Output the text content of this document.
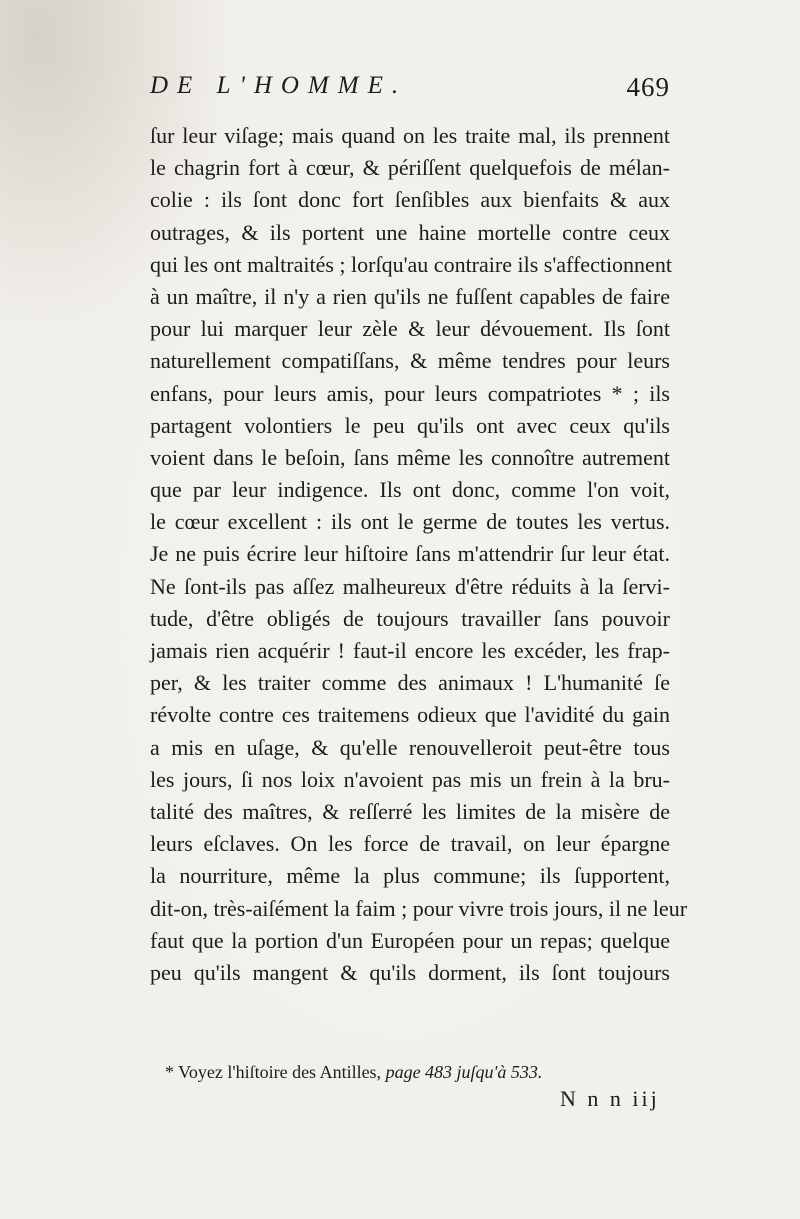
DE L'HOMME.	469
ſur leur viſage; mais quand on les traite mal, ils prennent
le chagrin fort à cœur, & périſſent quelquefois de mélan-
colie : ils ſont donc fort ſenſibles aux bienfaits & aux
outrages, & ils portent une haine mortelle contre ceux
qui les ont maltraités ; lorſqu'au contraire ils s'affectionnent
à un maître, il n'y a rien qu'ils ne fuſſent capables de faire
pour lui marquer leur zèle & leur dévouement. Ils ſont
naturellement compatiſſans, & même tendres pour leurs
enfans, pour leurs amis, pour leurs compatriotes * ; ils
partagent volontiers le peu qu'ils ont avec ceux qu'ils
voient dans le beſoin, ſans même les connoître autrement
que par leur indigence. Ils ont donc, comme l'on voit,
le cœur excellent : ils ont le germe de toutes les vertus.
Je ne puis écrire leur hiſtoire ſans m'attendrir ſur leur état.
Ne ſont-ils pas aſſez malheureux d'être réduits à la ſervi-
tude, d'être obligés de toujours travailler ſans pouvoir
jamais rien acquérir ! faut-il encore les excéder, les frap-
per, & les traiter comme des animaux ! L'humanité ſe
révolte contre ces traitemens odieux que l'avidité du gain
a mis en uſage, & qu'elle renouvelleroit peut-être tous
les jours, ſi nos loix n'avoient pas mis un frein à la bru-
talité des maîtres, & reſſerré les limites de la misère de
leurs eſclaves. On les force de travail, on leur épargne
la nourriture, même la plus commune; ils ſupportent,
dit-on, très-aiſément la faim ; pour vivre trois jours, il ne leur
faut que la portion d'un Européen pour un repas; quelque
peu qu'ils mangent & qu'ils dorment, ils ſont toujours
* Voyez l'hiſtoire des Antilles, page 483 juſqu'à 533.
N n n iij
